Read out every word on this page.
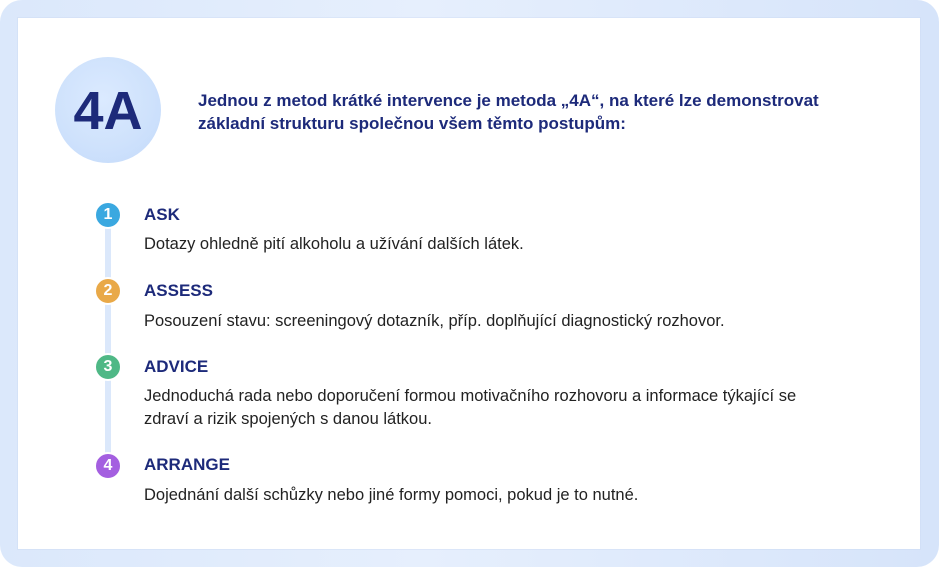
4A	Jednou z metod krátké intervence je metoda „4A“, na které lze demonstrovat základní strukturu společnou všem těmto postupům:
1	ASK
Dotazy ohledně pití alkoholu a užívání dalších látek.
2	ASSESS
Posouzení stavu: screeningový dotazník, příp. doplňující diagnostický rozhovor.
3	ADVICE
Jednoduchá rada nebo doporučení formou motivačního rozhovoru a informace týkající se zdraví a rizik spojených s danou látkou.
4	ARRANGE
Dojednání další schůzky nebo jiné formy pomoci, pokud je to nutné.
